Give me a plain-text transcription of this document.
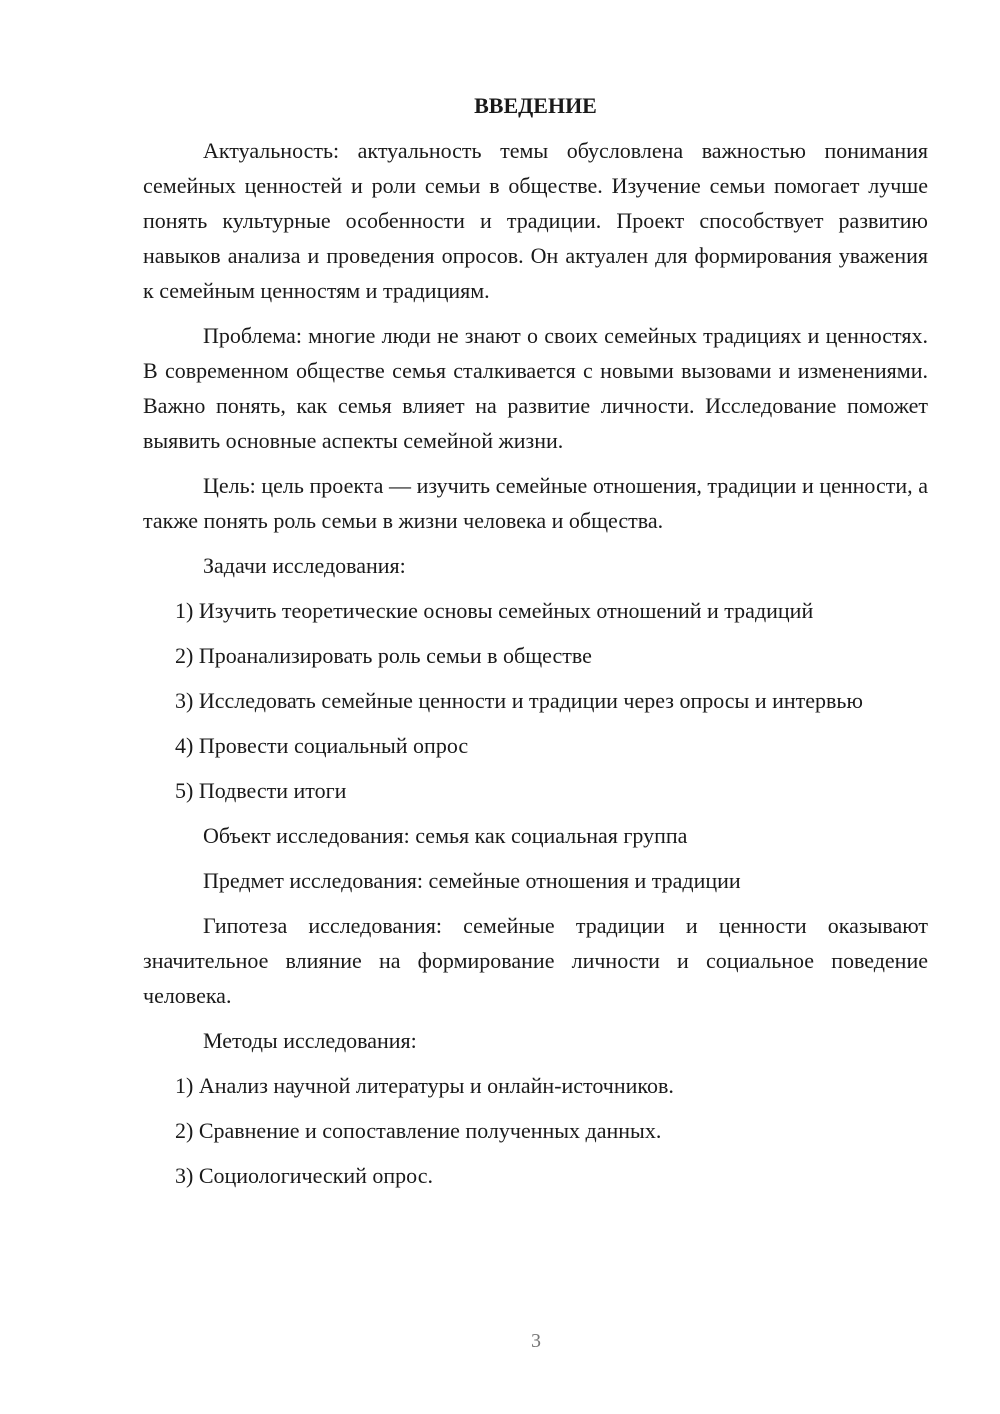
ВВЕДЕНИЕ

Актуальность: актуальность темы обусловлена важностью понимания семейных ценностей и роли семьи в обществе. Изучение семьи помогает лучше понять культурные особенности и традиции. Проект способствует развитию навыков анализа и проведения опросов. Он актуален для формирования уважения к семейным ценностям и традициям.

Проблема: многие люди не знают о своих семейных традициях и ценностях. В современном обществе семья сталкивается с новыми вызовами и изменениями. Важно понять, как семья влияет на развитие личности. Исследование поможет выявить основные аспекты семейной жизни.

Цель: цель проекта — изучить семейные отношения, традиции и ценности, а также понять роль семьи в жизни человека и общества.

Задачи исследования:

1) Изучить теоретические основы семейных отношений и традиций

2) Проанализировать роль семьи в обществе

3) Исследовать семейные ценности и традиции через опросы и интервью

4) Провести социальный опрос

5) Подвести итоги

Объект исследования: семья как социальная группа

Предмет исследования: семейные отношения и традиции

Гипотеза исследования: семейные традиции и ценности оказывают значительное влияние на формирование личности и социальное поведение человека.

Методы исследования:

1) Анализ научной литературы и онлайн-источников.

2) Сравнение и сопоставление полученных данных.

3) Социологический опрос.

3
